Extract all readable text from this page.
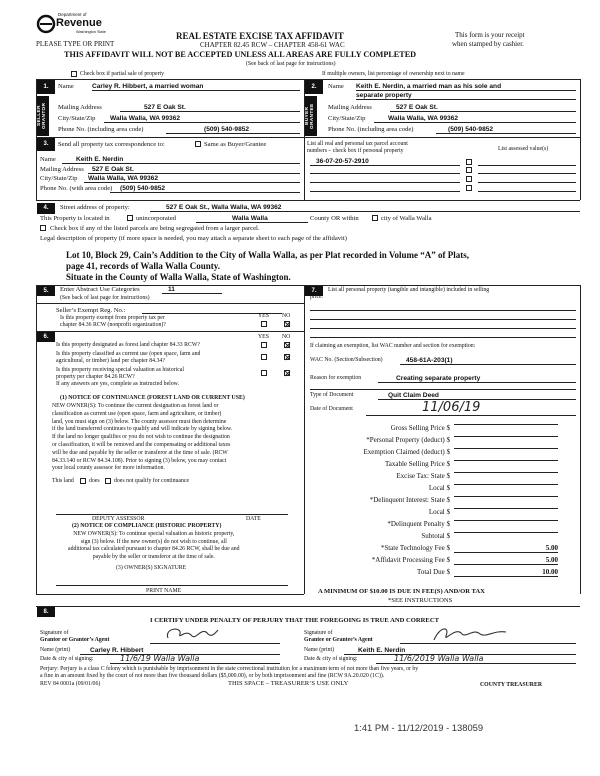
Department of
Revenue
Washington State
PLEASE TYPE OR PRINT
REAL ESTATE EXCISE TAX AFFIDAVIT
CHAPTER 82.45 RCW – CHAPTER 458-61 WAC
THIS AFFIDAVIT WILL NOT BE ACCEPTED UNLESS ALL AREAS ARE FULLY COMPLETED
(See back of last page for instructions)
This form is your receipt
when stamped by cashier.
Check box if partial sale of property	If multiple owners, list percentage of ownership next to name
1.
SELLER GRANTOR
Name	Carley R. Hibbert, a married woman
Mailing Address	527 E Oak St.
City/State/Zip	Walla Walla, WA 99362
Phone No. (including area code)	(509) 540-9852
2.
BUYER GRANTEE
Name Keith E. Nerdin, a married man as his sole and
separate property
Mailing Address	527 E Oak St.
City/State/Zip	Walla Walla, WA 99362
Phone No. (including area code)	(509) 540-9852
3.	Send all property tax correspondence to:	Same as Buyer/Grantee
Name	Keith E. Nerdin
Mailing Address	527 E Oak St.
City/State/Zip	Walla Walla, WA 99362
Phone No. (with area code)	(509) 540-9852
List all real and personal tax parcel account
numbers – check box if personal property	List assessed value(s)
36-07-20-57-2910
4.	Street address of property:	527 E Oak St., Walla Walla, WA 99362
This Property is located in	unincorporated	Walla Walla	County OR within	city of Walla Walla
Check box if any of the listed parcels are being segregated from a larger parcel.
Legal description of property (if more space is needed, you may attach a separate sheet to each page of the affidavit)
Lot 10, Block 29, Cain’s Addition to the City of Walla Walla, as per Plat recorded in Volume “A” of Plats,
page 41, records of Walla Walla County.
Situate in the County of Walla Walla, State of Washington.
5.	Enter Abstract Use Categories	11
(See back of last page for instructions)
Seller’s Exempt Reg. No.:
YES NO
Is this property exempt from property tax per
chapter 84.36 RCW (nonprofit organization)?
6.	YES NO
Is this property designated as forest land chapter 84.33 RCW?
Is this property classified as current use (open space, farm and
agricultural, or timber) land per chapter 84.34?
Is this property receiving special valuation as historical
property per chapter 84.26 RCW?
If any answers are yes, complete as instructed below.
(1) NOTICE OF CONTINUANCE (FOREST LAND OR CURRENT USE)
NEW OWNER(S): To continue the current designation as forest land or
classification as current use (open space, farm and agriculture, or timber)
land, you must sign on (3) below. The county assessor must then determine
if the land transferred continues to qualify and will indicate by signing below.
If the land no longer qualifies or you do not wish to continue the designation
or classification, it will be removed and the compensating or additional taxes
will be due and payable by the seller or transferor at the time of sale. (RCW
84.33.140 or RCW 84.34.108). Prior to signing (3) below, you may contact
your local county assessor for more information.
This land	does does not qualify for continuance
DEPUTY ASSESSOR	DATE
(2) NOTICE OF COMPLIANCE (HISTORIC PROPERTY)
NEW OWNER(S): To continue special valuation as historic property,
sign (3) below. If the new owner(s) do not wish to continue, all
additional tax calculated pursuant to chapter 84.26 RCW, shall be due and
payable by the seller or transferor at the time of sale.
(3) OWNER(S) SIGNATURE
PRINT NAME
7.	List all personal property (tangible and intangible) included in selling
price.
If claiming an exemption, list WAC number and section for exemption:
WAC No. (Section/Subsection)	458-61A-203(1)
Reason for exemption	Creating separate property
Type of Document	Quit Claim Deed
Date of Document	11/06/19
Gross Selling Price $
*Personal Property (deduct) $
Exemption Claimed (deduct) $
Taxable Selling Price $
Excise Tax: State $
Local $
*Delinquent Interest: State $
Local $
*Delinquent Penalty $
Subtotal $
*State Technology Fee $	5.00
*Affidavit Processing Fee $	5.00
Total Due $	10.00
A MINIMUM OF $10.00 IS DUE IN FEE(S) AND/OR TAX
*SEE INSTRUCTIONS
8.
I CERTIFY UNDER PENALTY OF PERJURY THAT THE FOREGOING IS TRUE AND CORRECT
Signature of
Grantor or Grantor’s Agent
Name (print)	Carley R. Hibbert
Date & city of signing:	11/6/19 Walla Walla
Signature of
Grantee or Grantee’s Agent
Name (print)	Keith E. Nerdin
Date & city of signing:	11/6/2019 Walla Walla
Perjury: Perjury is a class C felony which is punishable by imprisonment in the state correctional institution for a maximum term of not more than five years, or by
a fine in an amount fixed by the court of not more than five thousand dollars ($5,000.00), or by both imprisonment and fine (RCW 9A.20.020 (1C)).
REV 84 0001a (09/01/06)	THIS SPACE – TREASURER’S USE ONLY	COUNTY TREASURER
1:41 PM - 11/12/2019 - 138059
